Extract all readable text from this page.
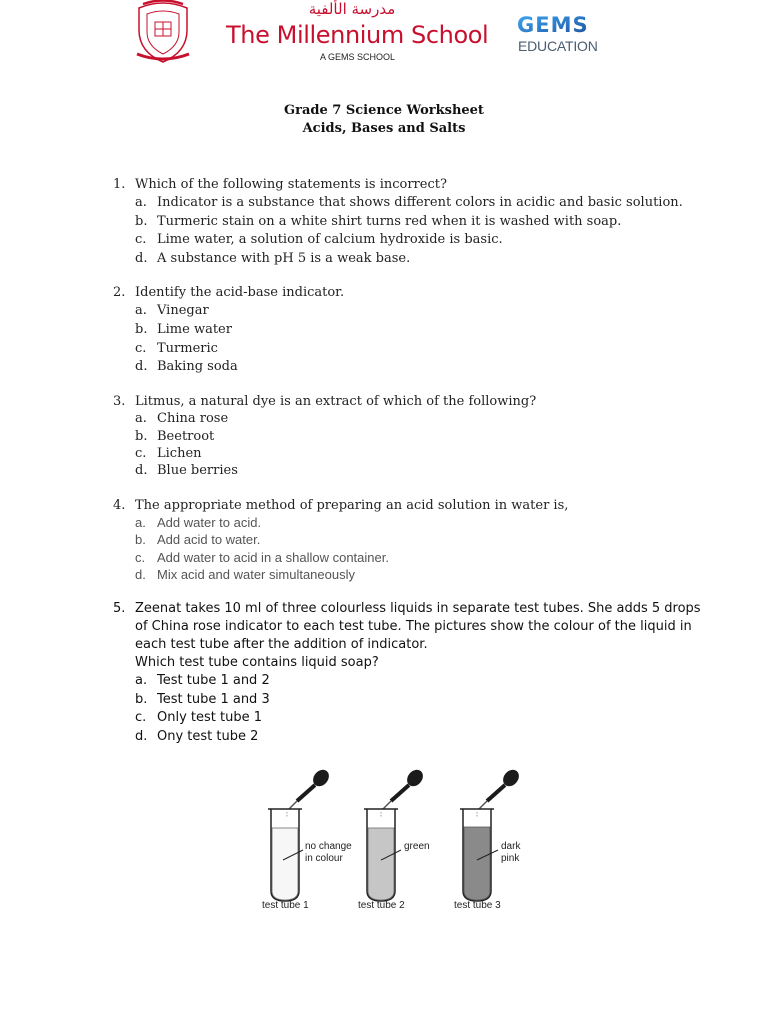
مدرسة الألفية
The Millennium School
A GEMS SCHOOL
GEMS
EDUCATION
Grade 7 Science Worksheet
Acids, Bases and Salts
1. Which of the following statements is incorrect?
a. Indicator is a substance that shows different colors in acidic and basic solution.
b. Turmeric stain on a white shirt turns red when it is washed with soap.
c. Lime water, a solution of calcium hydroxide is basic.
d. A substance with pH 5 is a weak base.
2. Identify the acid-base indicator.
a. Vinegar
b. Lime water
c. Turmeric
d. Baking soda
3. Litmus, a natural dye is an extract of which of the following?
a. China rose
b. Beetroot
c. Lichen
d. Blue berries
4. The appropriate method of preparing an acid solution in water is,
a. Add water to acid.
b. Add acid to water.
c. Add water to acid in a shallow container.
d. Mix acid and water simultaneously
5. Zeenat takes 10 ml of three colourless liquids in separate test tubes. She adds 5 drops
of China rose indicator to each test tube. The pictures show the colour of the liquid in
each test tube after the addition of indicator.
Which test tube contains liquid soap?
a. Test tube 1 and 2
b. Test tube 1 and 3
c. Only test tube 1
d. Ony test tube 2
no change
in colour
test tube 1
green
test tube 2
dark
pink
test tube 3
